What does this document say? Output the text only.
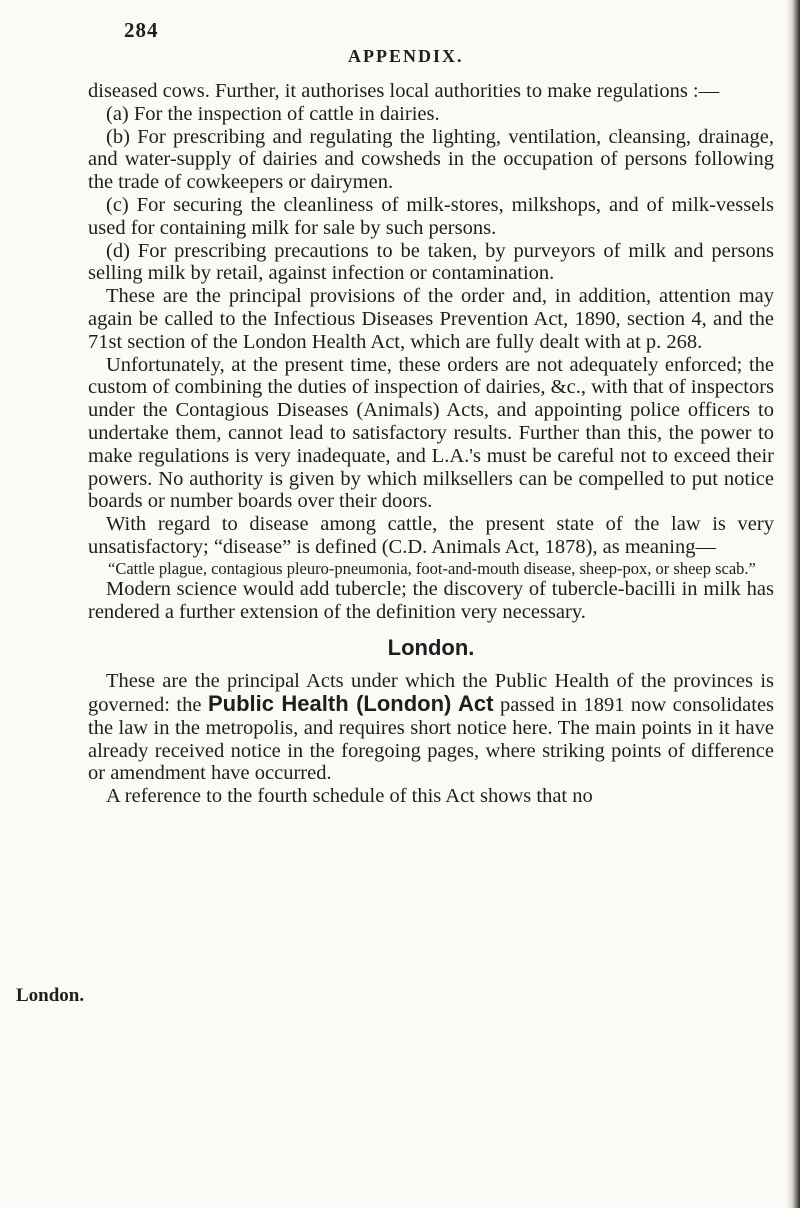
284
APPENDIX.
London.

diseased cows. Further, it authorises local authorities to make regulations :—

(a) For the inspection of cattle in dairies.

(b) For prescribing and regulating the lighting, ventilation, cleansing, drainage, and water-supply of dairies and cowsheds in the occupation of persons following the trade of cowkeepers or dairymen.

(c) For securing the cleanliness of milk-stores, milkshops, and of milk-vessels used for containing milk for sale by such persons.

(d) For prescribing precautions to be taken, by purveyors of milk and persons selling milk by retail, against infection or contamination.

These are the principal provisions of the order and, in addition, attention may again be called to the Infectious Diseases Prevention Act, 1890, section 4, and the 71st section of the London Health Act, which are fully dealt with at p. 268.

Unfortunately, at the present time, these orders are not adequately enforced; the custom of combining the duties of inspection of dairies, &c., with that of inspectors under the Contagious Diseases (Animals) Acts, and appointing police officers to undertake them, cannot lead to satisfactory results. Further than this, the power to make regulations is very inadequate, and L.A.'s must be careful not to exceed their powers. No authority is given by which milksellers can be compelled to put notice boards or number boards over their doors.

With regard to disease among cattle, the present state of the law is very unsatisfactory; “disease” is defined (C.D. Animals Act, 1878), as meaning—

“Cattle plague, contagious pleuro-pneumonia, foot-and-mouth disease, sheep-pox, or sheep scab.”

Modern science would add tubercle; the discovery of tubercle-bacilli in milk has rendered a further extension of the definition very necessary.

London.

These are the principal Acts under which the Public Health of the provinces is governed: the Public Health (London) Act passed in 1891 now consolidates the law in the metropolis, and requires short notice here. The main points in it have already received notice in the foregoing pages, where striking points of difference or amendment have occurred.

A reference to the fourth schedule of this Act shows that no
